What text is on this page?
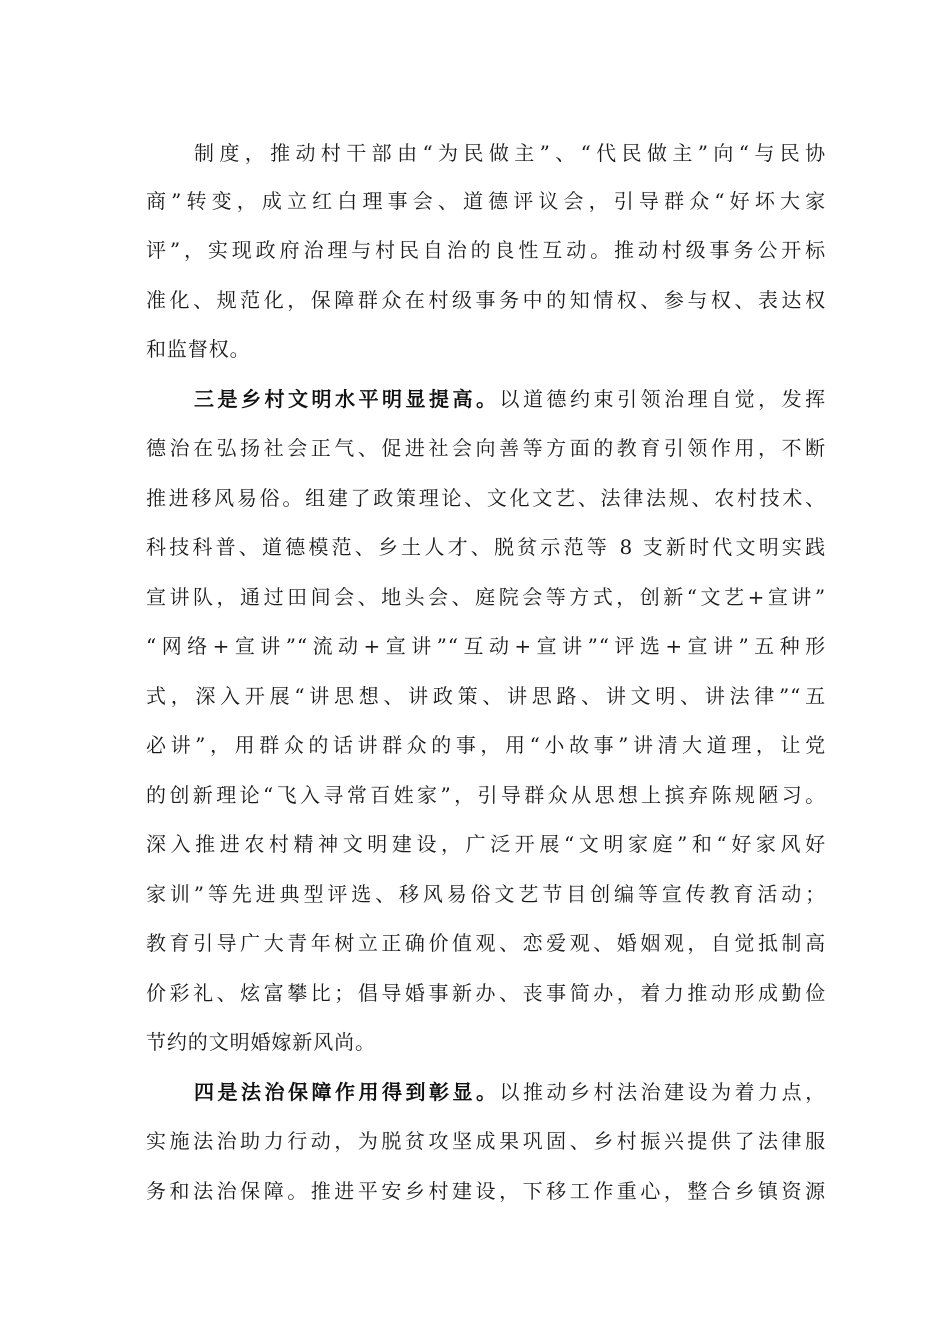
制度，推动村干部由“为民做主”、“代民做主”向“与民协
商”转变，成立红白理事会、道德评议会，引导群众“好坏大家
评”，实现政府治理与村民自治的良性互动。推动村级事务公开标
准化、规范化，保障群众在村级事务中的知情权、参与权、表达权
和监督权。
三是乡村文明水平明显提高。以道德约束引领治理自觉，发挥
德治在弘扬社会正气、促进社会向善等方面的教育引领作用，不断
推进移风易俗。组建了政策理论、文化文艺、法律法规、农村技术、
科技科普、道德模范、乡土人才、脱贫示范等 8 支新时代文明实践
宣讲队，通过田间会、地头会、庭院会等方式，创新“文艺+宣讲”
“网络+宣讲”“流动+宣讲”“互动+宣讲”“评选+宣讲”五种形
式，深入开展“讲思想、讲政策、讲思路、讲文明、讲法律”“五
必讲”，用群众的话讲群众的事，用“小故事”讲清大道理，让党
的创新理论“飞入寻常百姓家”，引导群众从思想上摈弃陈规陋习。
深入推进农村精神文明建设，广泛开展“文明家庭”和“好家风好
家训”等先进典型评选、移风易俗文艺节目创编等宣传教育活动；
教育引导广大青年树立正确价值观、恋爱观、婚姻观，自觉抵制高
价彩礼、炫富攀比；倡导婚事新办、丧事简办，着力推动形成勤俭
节约的文明婚嫁新风尚。
四是法治保障作用得到彰显。以推动乡村法治建设为着力点，
实施法治助力行动，为脱贫攻坚成果巩固、乡村振兴提供了法律服
务和法治保障。推进平安乡村建设，下移工作重心，整合乡镇资源
